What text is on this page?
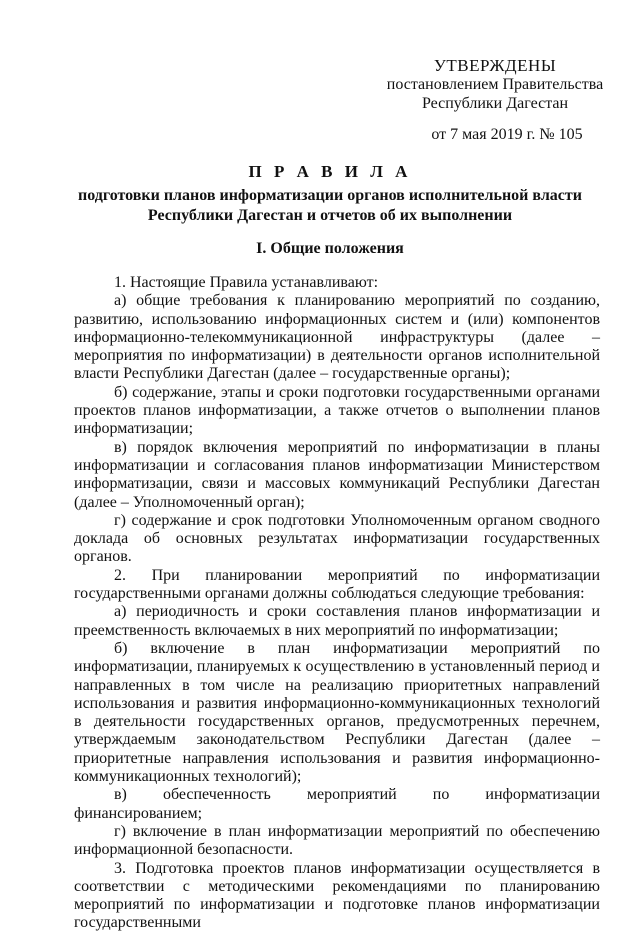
УТВЕРЖДЕНЫ
постановлением Правительства
Республики Дагестан
от 7 мая 2019 г. № 105
П Р А В И Л А
подготовки планов информатизации органов исполнительной власти
Республики Дагестан и отчетов об их выполнении
I. Общие положения

1. Настоящие Правила устанавливают:

а) общие требования к планированию мероприятий по созданию, развитию, использованию информационных систем и (или) компонентов информационно-телекоммуникационной инфраструктуры (далее – мероприятия по информатизации) в деятельности органов исполнительной власти Республики Дагестан (далее – государственные органы);

б) содержание, этапы и сроки подготовки государственными органами проектов планов информатизации, а также отчетов о выполнении планов информатизации;

в) порядок включения мероприятий по информатизации в планы информатизации и согласования планов информатизации Министерством информатизации, связи и массовых коммуникаций Республики Дагестан (далее – Уполномоченный орган);

г) содержание и срок подготовки Уполномоченным органом сводного доклада об основных результатах информатизации государственных органов.

2. При планировании мероприятий по информатизации государственными органами должны соблюдаться следующие требования:

а) периодичность и сроки составления планов информатизации и преемственность включаемых в них мероприятий по информатизации;

б) включение в план информатизации мероприятий по информатизации, планируемых к осуществлению в установленный период и направленных в том числе на реализацию приоритетных направлений использования и развития информационно-коммуникационных технологий в деятельности государственных органов, предусмотренных перечнем, утверждаемым законодательством Республики Дагестан (далее – приоритетные направления использования и развития информационно-коммуникационных технологий);

в) обеспеченность мероприятий по информатизации финансированием;

г) включение в план информатизации мероприятий по обеспечению информационной безопасности.

3. Подготовка проектов планов информатизации осуществляется в соответствии с методическими рекомендациями по планированию мероприятий по информатизации и подготовке планов информатизации государственными
